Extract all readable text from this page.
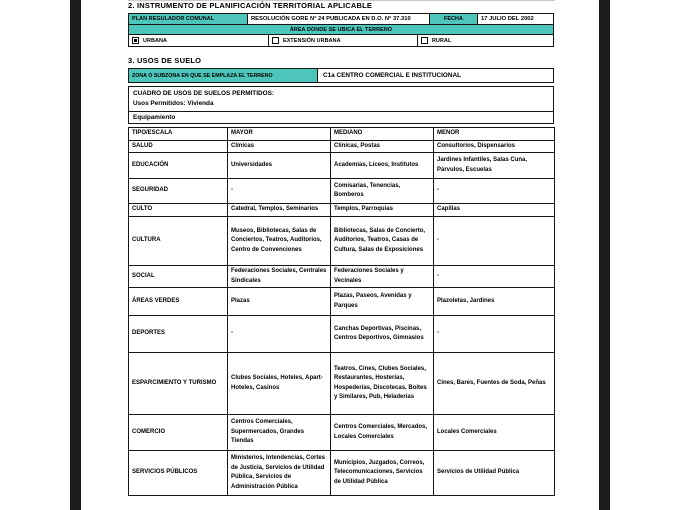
2. INSTRUMENTO DE PLANIFICACIÓN TERRITORIAL APLICABLE
PLAN REGULADOR COMUNAL	RESOLUCIÓN GORE N° 24 PUBLICADA EN D.O. N° 37.310	FECHA	17 JULIO DEL 2002
ÁREA DONDE SE UBICA EL TERRENO
URBANA	EXTENSIÓN URBANA	RURAL
3. USOS DE SUELO
ZONA O SUBZONA EN QUE SE EMPLAZA EL TERRENO	C1a CENTRO COMERCIAL E INSTITUCIONAL
CUADRO DE USOS DE SUELOS PERMITIDOS:
Usos Permitidos: Vivienda
Equipamiento
TIPO/ESCALA	MAYOR	MEDIANO	MENOR
SALUD	Clínicas	Clínicas, Postas	Consultorios, Dispensarios
EDUCACIÓN	Universidades	Academias, Liceos, Institutos	Jardines Infantiles, Salas Cuna, Párvulos, Escuelas
SEGURIDAD	-	Comisarías, Tenencias, Bomberos	-
CULTO	Catedral, Templos, Seminarios	Templos, Parroquias	Capillas
CULTURA	Museos, Bibliotecas, Salas de Conciertos, Teatros, Auditorios, Centro de Convenciones	Bibliotecas, Salas de Concierto, Auditorios, Teatros, Casas de Cultura, Salas de Exposiciones	-
SOCIAL	Federaciones Sociales, Centrales Sindicales	Federaciones Sociales y Vecinales	-
ÁREAS VERDES	Plazas	Plazas, Paseos, Avenidas y Parques	Plazoletas, Jardines
DEPORTES	-	Canchas Deportivas, Piscinas, Centros Deportivos, Gimnasios	-
ESPARCIMIENTO Y TURISMO	Clubes Sociales, Hoteles, Apart-Hoteles, Casinos	Teatros, Cines, Clubes Sociales, Restaurantes, Hosterías, Hospederías, Discotecas, Boites y Similares, Pub, Heladerías	Cines, Bares, Fuentes de Soda, Peñas
COMERCIO	Centros Comerciales, Supermercados, Grandes Tiendas	Centros Comerciales, Mercados, Locales Comerciales	Locales Comerciales
SERVICIOS PÚBLICOS	Ministerios, Intendencias, Cortes de Justicia, Servicios de Utilidad Pública, Servicios de Administración Pública	Municipios, Juzgados, Correos, Telecomunicaciones, Servicios de Utilidad Pública	Servicios de Utilidad Pública
